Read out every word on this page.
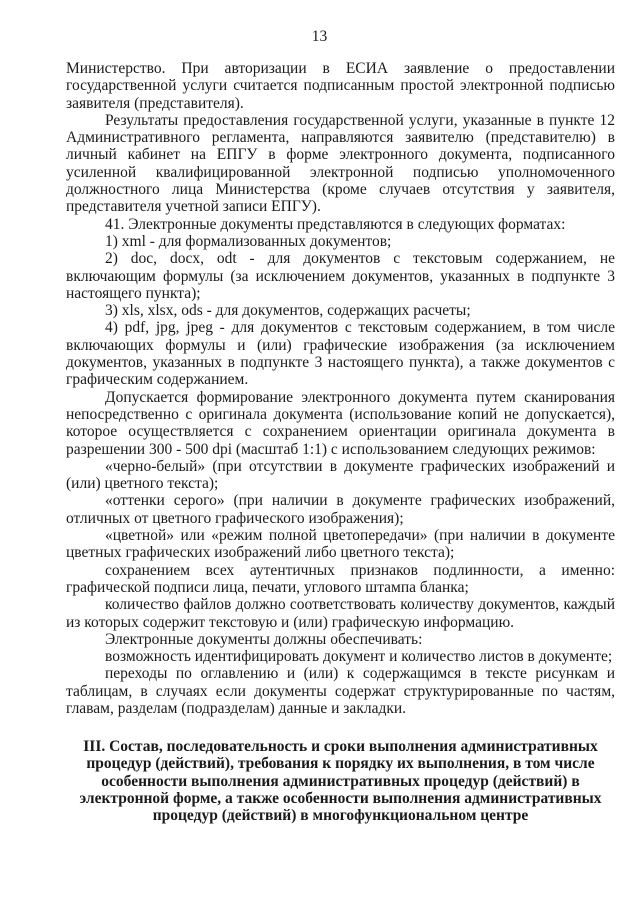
13

Министерство. При авторизации в ЕСИА заявление о предоставлении государственной услуги считается подписанным простой электронной подписью заявителя (представителя).

Результаты предоставления государственной услуги, указанные в пункте 12 Административного регламента, направляются заявителю (представителю) в личный кабинет на ЕПГУ в форме электронного документа, подписанного усиленной квалифицированной электронной подписью уполномоченного должностного лица Министерства (кроме случаев отсутствия у заявителя, представителя учетной записи ЕПГУ).

41. Электронные документы представляются в следующих форматах:

1) xml - для формализованных документов;

2) doc, docx, odt - для документов с текстовым содержанием, не включающим формулы (за исключением документов, указанных в подпункте 3 настоящего пункта);

3) xls, xlsx, ods - для документов, содержащих расчеты;

4) pdf, jpg, jpeg - для документов с текстовым содержанием, в том числе включающих формулы и (или) графические изображения (за исключением документов, указанных в подпункте 3 настоящего пункта), а также документов с графическим содержанием.

Допускается формирование электронного документа путем сканирования непосредственно с оригинала документа (использование копий не допускается), которое осуществляется с сохранением ориентации оригинала документа в разрешении 300 - 500 dpi (масштаб 1:1) с использованием следующих режимов:

«черно-белый» (при отсутствии в документе графических изображений и (или) цветного текста);

«оттенки серого» (при наличии в документе графических изображений, отличных от цветного графического изображения);

«цветной» или «режим полной цветопередачи» (при наличии в документе цветных графических изображений либо цветного текста);

сохранением всех аутентичных признаков подлинности, а именно: графической подписи лица, печати, углового штампа бланка;

количество файлов должно соответствовать количеству документов, каждый из которых содержит текстовую и (или) графическую информацию.

Электронные документы должны обеспечивать:

возможность идентифицировать документ и количество листов в документе;

переходы по оглавлению и (или) к содержащимся в тексте рисункам и таблицам, в случаях если документы содержат структурированные по частям, главам, разделам (подразделам) данные и закладки.

III. Состав, последовательность и сроки выполнения административных процедур (действий), требования к порядку их выполнения, в том числе особенности выполнения административных процедур (действий) в электронной форме, а также особенности выполнения административных процедур (действий) в многофункциональном центре
